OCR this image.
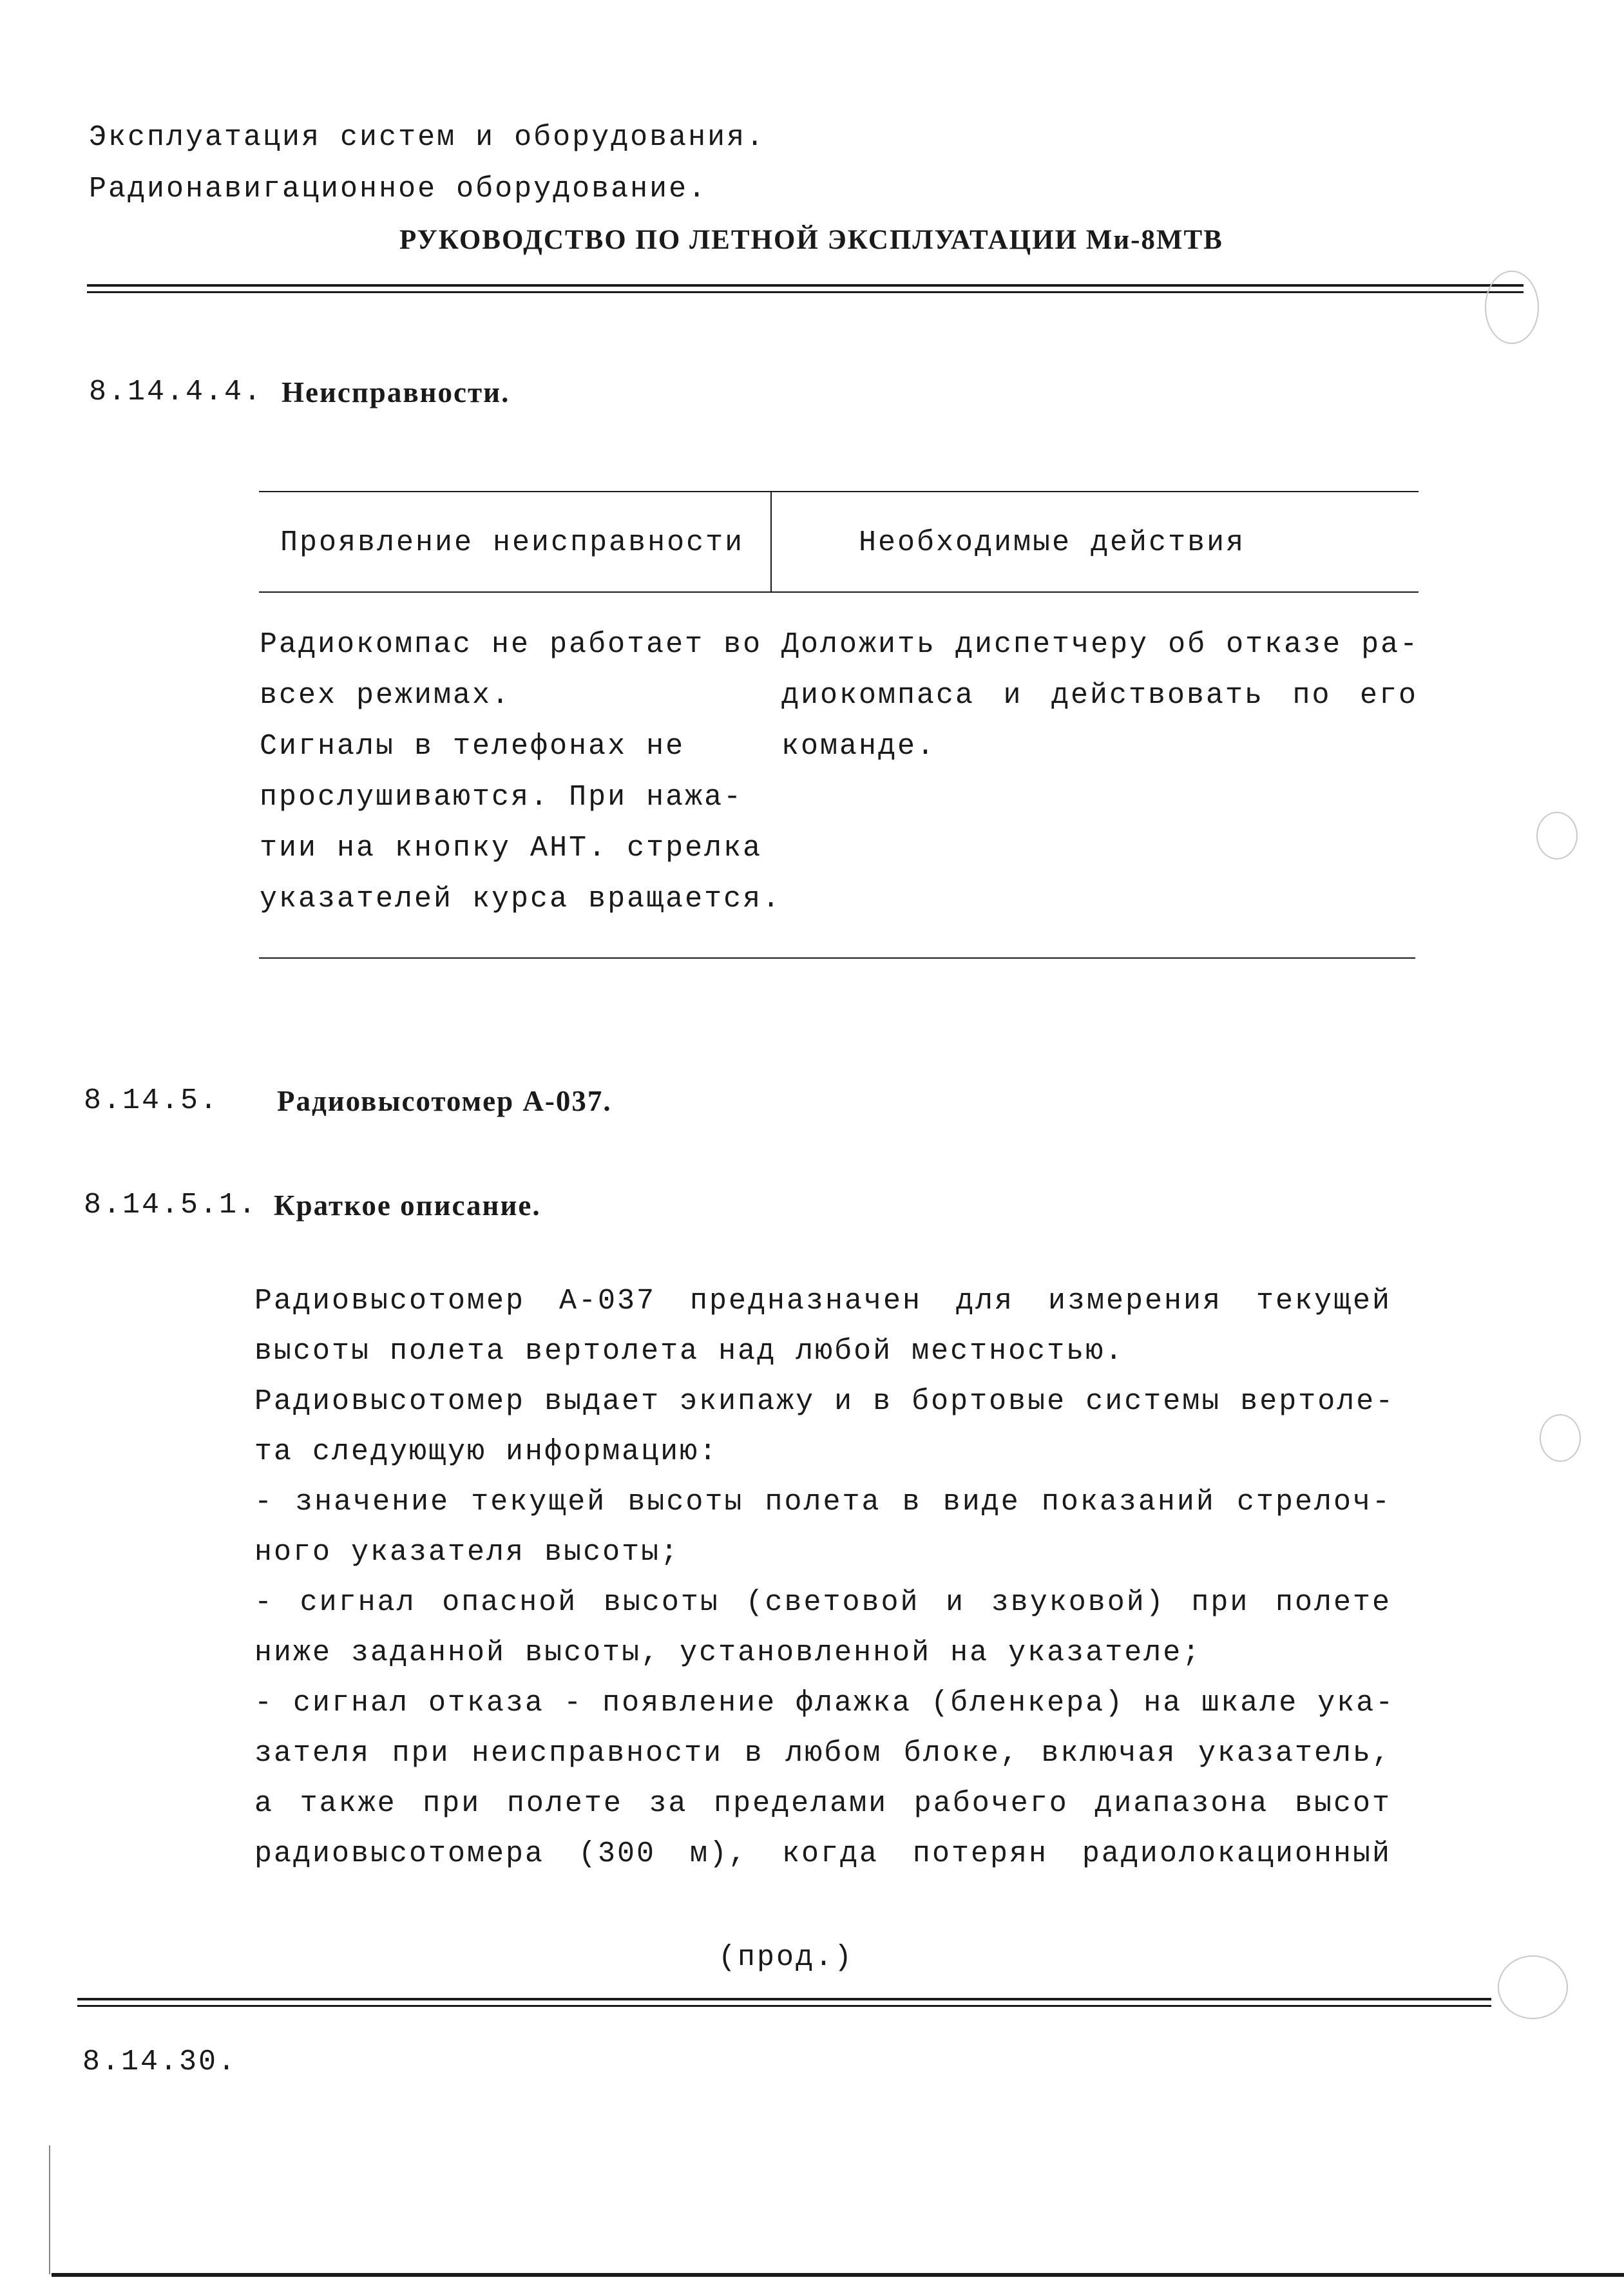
Эксплуатация систем и оборудования.
Радионавигационное оборудование.
РУКОВОДСТВО ПО ЛЕТНОЙ ЭКСПЛУАТАЦИИ Ми-8МТВ
8.14.4.4. Неисправности.
Проявление неисправности	Необходимые действия
Радиокомпас не работает во
всех режимах.
Сигналы в телефонах не
прослушиваются. При нажа-
тии на кнопку АНТ. стрелка
указателей курса вращается.
Доложить диспетчеру об отказе ра-
диокомпаса и действовать по его
команде.
8.14.5. Радиовысотомер А-037.
8.14.5.1. Краткое описание.
Радиовысотомер А-037 предназначен для измерения текущей
высоты полета вертолета над любой местностью.
Радиовысотомер выдает экипажу и в бортовые системы вертоле-
та следующую информацию:
- значение текущей высоты полета в виде показаний стрелоч-
ного указателя высоты;
- сигнал опасной высоты (световой и звуковой) при полете
ниже заданной высоты, установленной на указателе;
- сигнал отказа - появление флажка (бленкера) на шкале ука-
зателя при неисправности в любом блоке, включая указатель,
а также при полете за пределами рабочего диапазона высот
радиовысотомера (300 м), когда потерян радиолокационный
(прод.)
8.14.30.
